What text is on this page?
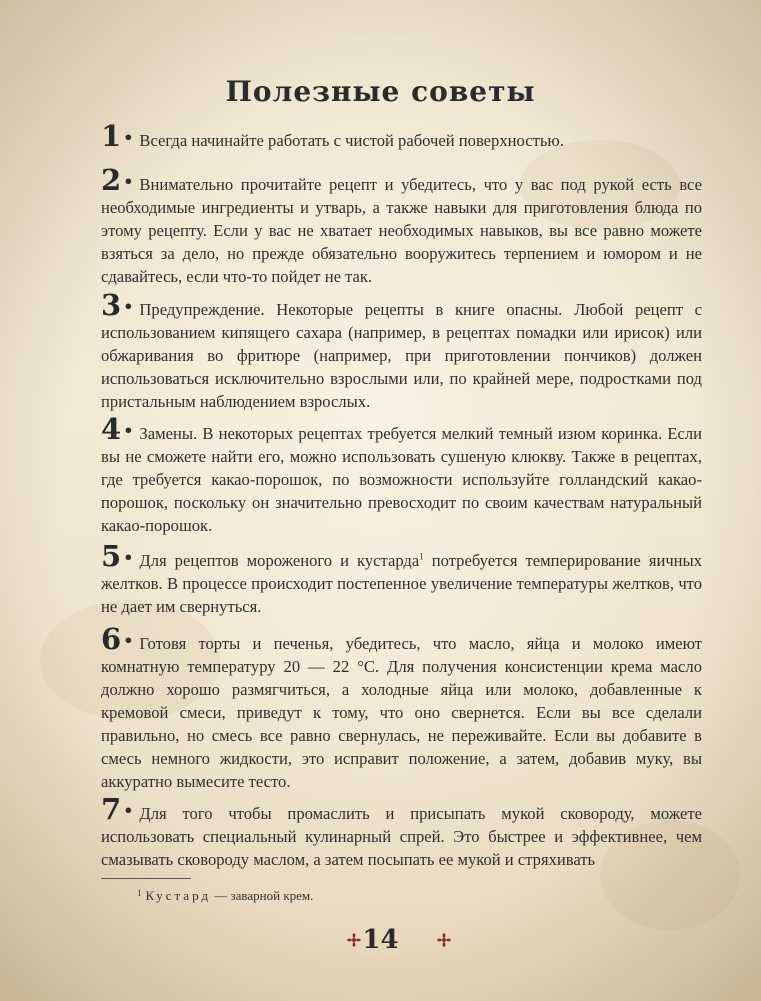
Полезные советы
1 • Всегда начинайте работать с чистой рабочей поверхностью.
2 • Внимательно прочитайте рецепт и убедитесь, что у вас под рукой есть все необходимые ингредиенты и утварь, а также навыки для приготовления блюда по этому рецепту. Если у вас не хватает необходимых навыков, вы все равно можете взяться за дело, но прежде обязательно вооружитесь терпением и юмором и не сдавайтесь, если что-то пойдет не так.
3 • Предупреждение. Некоторые рецепты в книге опасны. Любой рецепт с использованием кипящего сахара (например, в рецептах помадки или ирисок) или обжаривания во фритюре (например, при приготовлении пончиков) должен использоваться исключительно взрослыми или, по крайней мере, подростками под пристальным наблюдением взрослых.
4 • Замены. В некоторых рецептах требуется мелкий темный изюм коринка. Если вы не сможете найти его, можно использовать сушеную клюкву. Также в рецептах, где требуется какао-порошок, по возможности используйте голландский какао-порошок, поскольку он значительно превосходит по своим качествам натуральный какао-порошок.
5 • Для рецептов мороженого и кустарда$^1$ потребуется темперирование яичных желтков. В процессе происходит постепенное увеличение температуры желтков, что не дает им свернуться.
6 • Готовя торты и печенья, убедитесь, что масло, яйца и молоко имеют комнатную температуру 20 — 22 °С. Для получения консистенции крема масло должно хорошо размягчиться, а холодные яйца или молоко, добавленные к кремовой смеси, приведут к тому, что оно свернется. Если вы все сделали правильно, но смесь все равно свернулась, не переживайте. Если вы добавите в смесь немного жидкости, это исправит положение, а затем, добавив муку, вы аккуратно вымесите тесто.
7 • Для того чтобы промаслить и присыпать мукой сковороду, можете использовать специальный кулинарный спрей. Это быстрее и эффективнее, чем смазывать сковороду маслом, а затем посыпать ее мукой и стряхивать
$^1$ Кустард — заварной крем.
14
